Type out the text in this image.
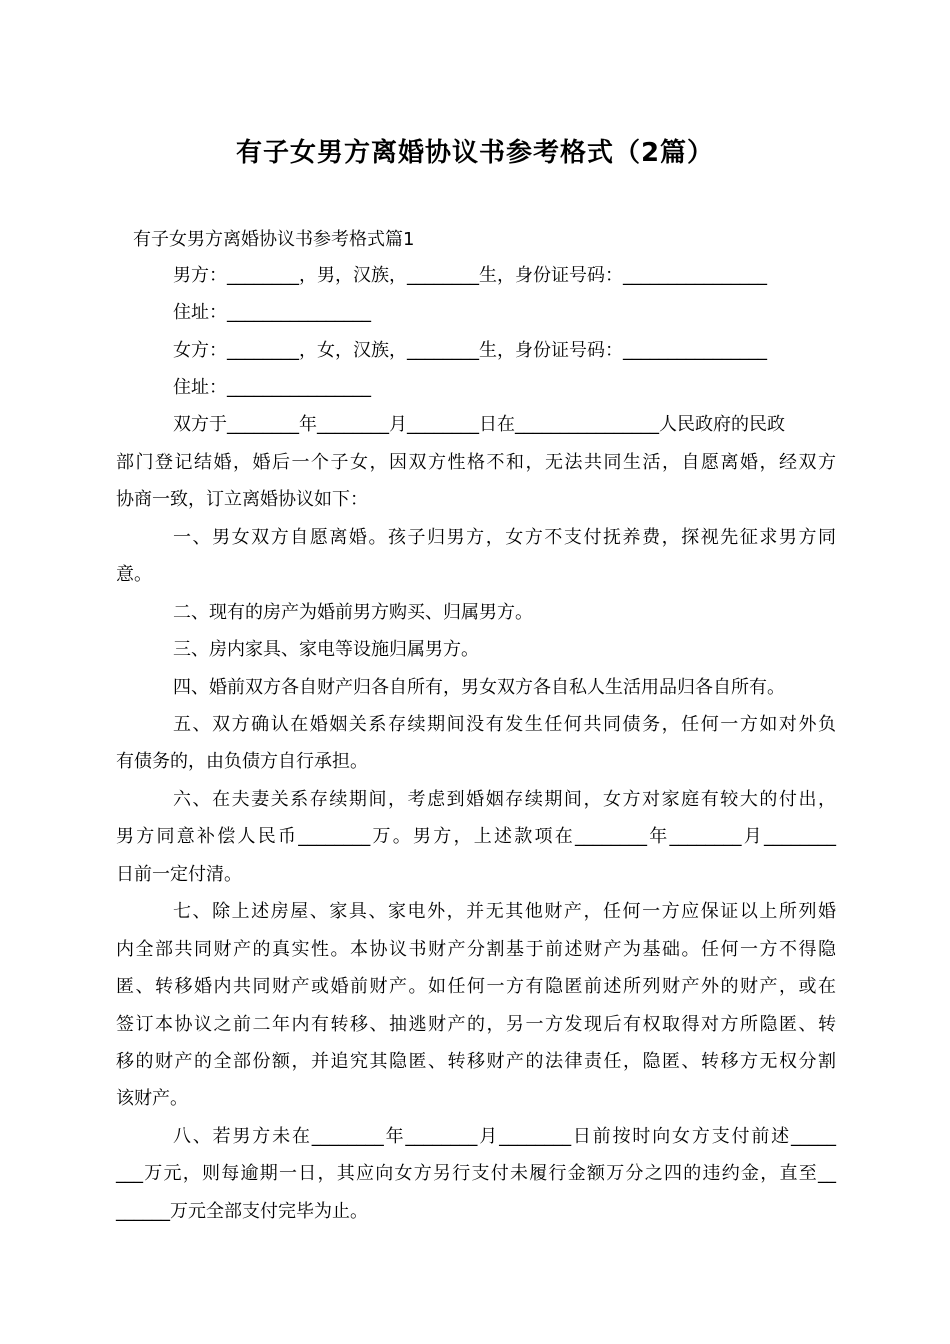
有子女男方离婚协议书参考格式（2篇）
有子女男方离婚协议书参考格式篇1
男方：________，男，汉族，________生，身份证号码：________________
住址：________________
女方：________，女，汉族，________生，身份证号码：________________
住址：________________
双方于________年________月________日在________________人民政府的民政
部门登记结婚，婚后一个子女，因双方性格不和，无法共同生活，自愿离婚，经双方
协商一致，订立离婚协议如下：
一、男女双方自愿离婚。孩子归男方，女方不支付抚养费，探视先征求男方同
意。
二、现有的房产为婚前男方购买、归属男方。
三、房内家具、家电等设施归属男方。
四、婚前双方各自财产归各自所有，男女双方各自私人生活用品归各自所有。
五、双方确认在婚姻关系存续期间没有发生任何共同债务，任何一方如对外负
有债务的，由负债方自行承担。
六、在夫妻关系存续期间，考虑到婚姻存续期间，女方对家庭有较大的付出，
男方同意补偿人民币________万。男方，上述款项在________年________月________
日前一定付清。
七、除上述房屋、家具、家电外，并无其他财产，任何一方应保证以上所列婚
内全部共同财产的真实性。本协议书财产分割基于前述财产为基础。任何一方不得隐
匿、转移婚内共同财产或婚前财产。如任何一方有隐匿前述所列财产外的财产，或在
签订本协议之前二年内有转移、抽逃财产的，另一方发现后有权取得对方所隐匿、转
移的财产的全部份额，并追究其隐匿、转移财产的法律责任，隐匿、转移方无权分割
该财产。
八、若男方未在________年________月________日前按时向女方支付前述_____
___万元，则每逾期一日，其应向女方另行支付未履行金额万分之四的违约金，直至__
______万元全部支付完毕为止。
